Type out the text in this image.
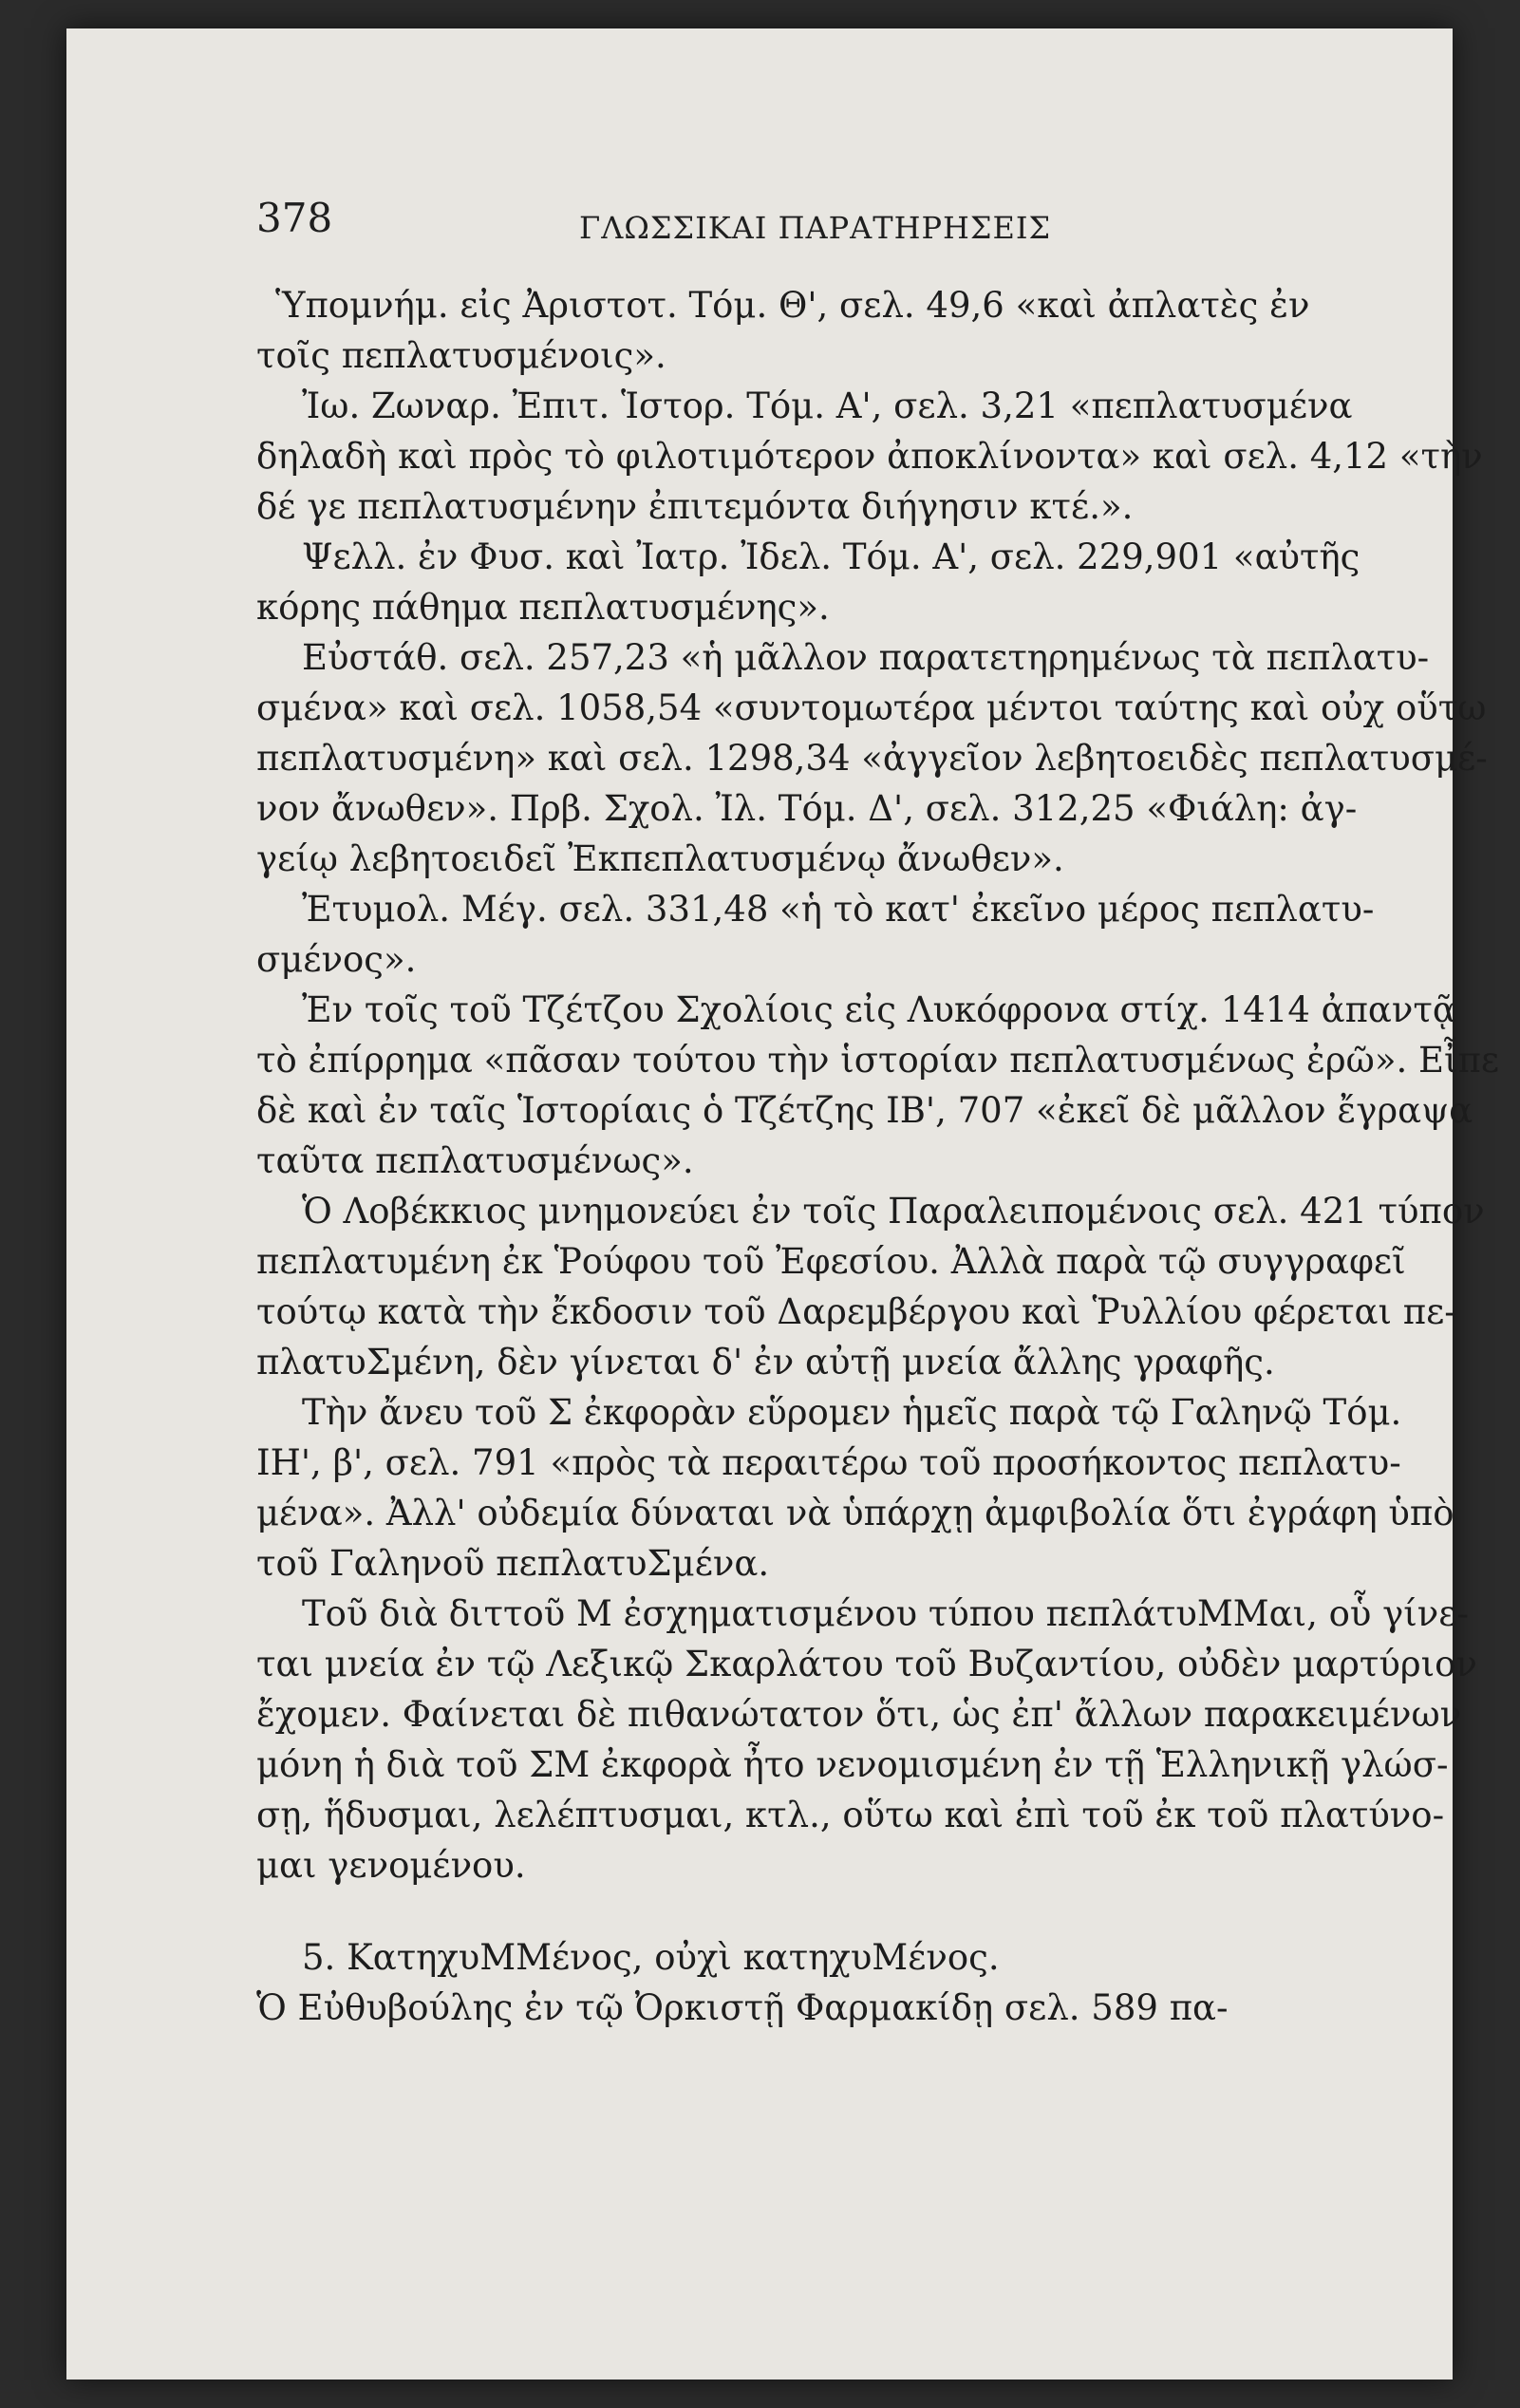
378	ΓΛΩΣΣΙΚΑΙ ΠΑΡΑΤΗΡΗΣΕΙΣ
Ὑπομνήμ. εἰς Ἀριστοτ. Τόμ. Θ', σελ. 49,6 «καὶ ἀπλατὲς ἐν
τοῖς πεπλατυσμένοις».
Ἰω. Ζωναρ. Ἐπιτ. Ἱστορ. Τόμ. Α', σελ. 3,21 «πεπλατυσμένα
δηλαδὴ καὶ πρὸς τὸ φιλοτιμότερον ἀποκλίνοντα» καὶ σελ. 4,12 «τὴν
δέ γε πεπλατυσμένην ἐπιτεμόντα διήγησιν κτέ.».
Ψελλ. ἐν Φυσ. καὶ Ἰατρ. Ἰδελ. Τόμ. Α', σελ. 229,901 «αὐτῆς
κόρης πάθημα πεπλατυσμένης».
Εὐστάθ. σελ. 257,23 «ἡ μᾶλλον παρατετηρημένως τὰ πεπλατυ-
σμένα» καὶ σελ. 1058,54 «συντομωτέρα μέντοι ταύτης καὶ οὐχ οὕτω
πεπλατυσμένη» καὶ σελ. 1298,34 «ἀγγεῖον λεβητοειδὲς πεπλατυσμέ-
νον ἄνωθεν». Πρβ. Σχολ. Ἰλ. Τόμ. Δ', σελ. 312,25 «Φιάλη: ἀγ-
γείῳ λεβητοειδεῖ Ἐκπεπλατυσμένῳ ἄνωθεν».
Ἐτυμολ. Μέγ. σελ. 331,48 «ἡ τὸ κατ' ἐκεῖνο μέρος πεπλατυ-
σμένος».
Ἐν τοῖς τοῦ Τζέτζου Σχολίοις εἰς Λυκόφρονα στίχ. 1414 ἀπαντᾷ
τὸ ἐπίρρημα «πᾶσαν τούτου τὴν ἱστορίαν πεπλατυσμένως ἐρῶ». Εἶπε
δὲ καὶ ἐν ταῖς Ἱστορίαις ὁ Τζέτζης ΙΒ', 707 «ἐκεῖ δὲ μᾶλλον ἔγραψα
ταῦτα πεπλατυσμένως».
Ὁ Λοβέκκιος μνημονεύει ἐν τοῖς Παραλειπομένοις σελ. 421 τύπον
πεπλατυμένη ἐκ Ῥούφου τοῦ Ἐφεσίου. Ἀλλὰ παρὰ τῷ συγγραφεῖ
τούτῳ κατὰ τὴν ἔκδοσιν τοῦ Δαρεμβέργου καὶ Ῥυλλίου φέρεται πε-
πλατυΣμένη, δὲν γίνεται δ' ἐν αὐτῇ μνεία ἄλλης γραφῆς.
Τὴν ἄνευ τοῦ Σ ἐκφορὰν εὕρομεν ἡμεῖς παρὰ τῷ Γαληνῷ Τόμ.
ΙΗ', β', σελ. 791 «πρὸς τὰ περαιτέρω τοῦ προσήκοντος πεπλατυ-
μένα». Ἀλλ' οὐδεμία δύναται νὰ ὑπάρχῃ ἀμφιβολία ὅτι ἐγράφη ὑπὸ
τοῦ Γαληνοῦ πεπλατυΣμένα.
Τοῦ διὰ διττοῦ Μ ἐσχηματισμένου τύπου πεπλάτυΜΜαι, οὗ γίνε-
ται μνεία ἐν τῷ Λεξικῷ Σκαρλάτου τοῦ Βυζαντίου, οὐδὲν μαρτύριον
ἔχομεν. Φαίνεται δὲ πιθανώτατον ὅτι, ὡς ἐπ' ἄλλων παρακειμένων
μόνη ἡ διὰ τοῦ ΣΜ ἐκφορὰ ἦτο νενομισμένη ἐν τῇ Ἑλληνικῇ γλώσ-
σῃ, ἥδυσμαι, λελέπτυσμαι, κτλ., οὕτω καὶ ἐπὶ τοῦ ἐκ τοῦ πλατύνο-
μαι γενομένου.
5. ΚατηχυΜΜένος, οὐχὶ κατηχυΜένος.
Ὁ Εὐθυβούλης ἐν τῷ Ὀρκιστῇ Φαρμακίδῃ σελ. 589 πα-
